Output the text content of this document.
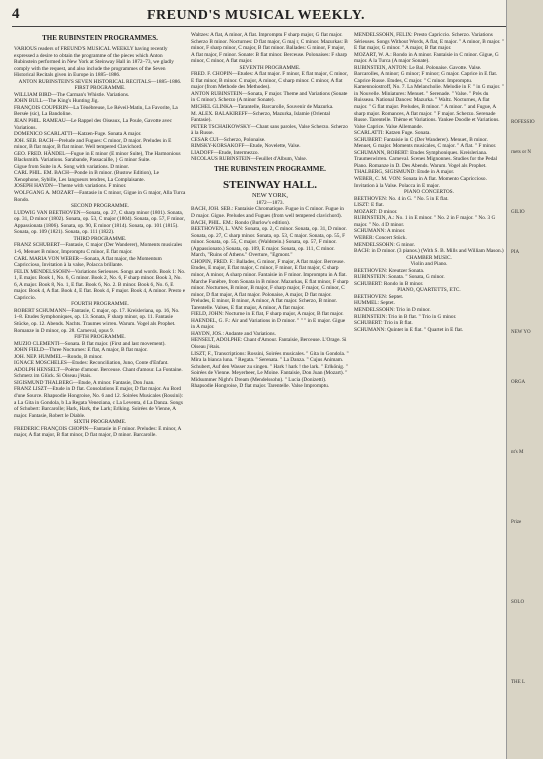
4	FREUND'S MUSICAL WEEKLY.

THE RUBINSTEIN PROGRAMMES.

VARIOUS readers of FREUND'S MUSICAL WEEKLY having recently expressed a desire to obtain the programme of the pieces which Anton Rubinstein performed in New York at Steinway Hall in 1872–73, we gladly comply with the request, and also include the programmes of the Seven Historical Recitals given in Europe in 1885–1886.

ANTON RUBINSTEIN'S SEVEN HISTORICAL RECITALS—1885–1886.

FIRST PROGRAMME.

WILLIAM BIRD—The Carman's Whistle. Variations.

JOHN BULL—The King's Hunting Jig.

FRANÇOIS COUPERIN—La Ténébreuse, Le Réveil-Matin, La Favorite, La Bersée (sic), La Bandoline.

JEAN PHIL. RAMEAU—Le Rappel des Oiseaux, La Poule, Gavotte avec Variations.

DOMENICO SCARLATTI—Katzen-Fuge. Sonata A major.

JOH. SEB. BACH—Prelude and Fugues: C minor, D major. Preludes in E minor, B flat major, B flat minor. Well tempered Clavichord.

GEO. FRED. HÄNDEL—Fugue in E minor (E minor Suite), The Harmonious Blacksmith. Variations. Sarabande, Passacaille, } G minor Suite.

Gigue from Suite in A. Song with variations. D minor.

CARL PHIL. EM. BACH—Ponde in B minor. (Bustow Edition), Le Xenophone, Sybille, Les langueurs tendres, La Complaisante.

JOSEPH HAYDN—Theme with variations. F minor.

WOLFGANG A. MOZART—Fantasie in C minor, Gigue in G major, Alla Turca Rondo.

SECOND PROGRAMME.

LUDWIG VAN BEETHOVEN—Sonata, op. 27, C sharp minor (1801). Sonata, op. 31, D minor (1802). Sonata, op. 53, C major (1804). Sonata, op. 57, F minor, Appassionata (1806). Sonata, op. 90, E minor (1814). Sonata, op. 101 (1815). Sonata, op. 109 (1821). Sonata, op. 111 (1822).

THIRD PROGRAMME.

FRANZ SCHUBERT—Fantasie, C major (Der Wanderer), Moments musicales 1-6, Menuet B minor, Impromptu C minor, E flat major.

CARL MARIA VON WEBER—Sonata, A flat major, the Momentum Capriccioso, Invitation à la valse, Polacca brillante.

FELIX MENDELSSOHN—Variations Serieuses. Songs and words. Book 1: No. 1, E major. Book 1, No. 6, G minor. Book 2, No. 6, F sharp minor. Book 3, No. 6, A major. Book 8, No. 1, E flat. Book 6, No. 2. B minor. Book 6, No. 6, E major. Book 4, A flat. Book 4, E flat. Book 4, F major. Book 4, A minor. Presto e Capriccio.

FOURTH PROGRAMME.

ROBERT SCHUMANN—Fantasie, C major, op. 17. Kreisleriana, op. 16, No. 1–8. Etudes Symphoniques, op. 13. Sonata, F sharp minor, op. 11. Fantasie Stücke, op. 12. Abends. Nachts. Traumes wirren. Warum. Vogel als Prophet. Romanze in D minor, op. 28. Carneval, opus 9.

FIFTH PROGRAMME.

MUZIO CLEMENTI—Sonata. B flat major. (First and last movement).

JOHN FIELD—Three Nocturnes: E flat, A major, B flat major.

JOH. NEP. HUMMEL—Rondo, B minor.

IGNACE MOSCHELES—Etudes: Reconciliation, Juno, Conte d'Enfant.

ADOLPH HENSELT—Poème d'amour. Berceuse. Chant d'amour. La Fontaine. Schmerz im Glück. Si Oiseau j'étais.

SIGISMUND THALBERG—Etude, A minor. Fantasie, Don Juan.

FRANZ LISZT—Etude in D flat. Consolations E major, D flat major. Au Bord d'une Source. Rhapsodie Hongroise, No. 6 and 12. Soirées Musicales (Rossini): a La Gita in Gondola, b La Regata Veneziana, c La Leventa, d La Danza. Songs of Schubert: Barcarolle; Hark, Hark, the Lark; Erlking. Soirées de Vienne, A major. Fantasie, Robert le Diable.

SIXTH PROGRAMME.

FREDERIC FRANÇOIS CHOPIN—Fantasie in F minor. Preludes: E minor, A major, A flat major, B flat minor, D flat major, D minor. Barcarolle.

Waltzes: A flat, A minor, A flat. Impromptu F sharp major, G flat major. Scherzo B minor. Nocturnes: D flat major, G maj r, C minor. Mazurkas: B minor, F sharp minor, C major, B flat minor. Ballades: G minor, F major, A flat major, F minor. Sonate: B flat minor. Berceuse. Polonaises: F sharp minor, C minor, A flat major.

SEVENTH PROGRAMME.

FRED. F. CHOPIN—Etudes: A flat major. F minor, E flat major, C minor, E flat minor, B minor. C major, A minor, C sharp minor. C minor, A flat major (from Methode des Methodes).

ANTON RUBINSTEIN—Sonata, F major. Theme and Variations (Sonate in C minor). Scherzo (A minor Sonate).

MICHEL GLINKA—Tarantelle, Barcarolle, Souvenir de Mazurka.

M. ALEX. BALAKIREFF—Scherzo, Mazurka, Islamie (Oriental Fantasie).

PETER TSCHAIKOWSKY—Chant sans paroles, Valse Scherzo. Scherzo à la Russe.

CESAR CUI—Scherzo, Polonaise.

RIMSKY-KORSAKOFF—Etude, Novelette, Valse.

LIADOFF—Etude, Intermezzo.

NICOLAUS RUBINSTEIN—Feuillet d'Album, Valse.

THE RUBINSTEIN PROGRAMME.

STEINWAY HALL.

NEW YORK,

1872—1873.

BACH, JOH. SEB.: Fantaisie Chromatique. Fugue in C minor. Fugue in D major. Gigue. Preludes and Fugues (from well tempered clavichord).

BACH, PHIL. EM.: Rondo (Burlow's edition).

BEETHOVEN, L. VAN: Sonata, op. 2, C minor. Sonata, op. 31, D minor. Sonata, op. 27, C sharp minor. Sonata, op. 53, C major. Sonata, op. 55, F minor. Sonata, op. 55, C major. (Waldstein.) Sonata, op. 57, F minor. (Appassionato.) Sonata, op. 109, E major. Sonata, op. 111, C minor. March, "Ruins of Athens." Overture, "Egmont."

CHOPIN, FRED. F.: Ballades, G minor, F major, A flat major. Berceuse. Etudes, E major, E flat major, C minor, F minor, E flat major, C sharp minor, A minor, A sharp minor. Fantaisie in F minor. Impromptu in A flat. Marche Funèbre, from Sonata in B minor. Mazurkas, E flat minor, F sharp minor. Nocturnes, B minor, B major, F sharp major, F major, G minor, C minor, D flat major, A flat major. Polonaise, A major, D flat major. Preludes, E minor, B minor, A minor, A flat major. Scherzo, B minor. Tarentelle. Valses, E flat major, A minor, A flat major.

FIELD, JOHN: Nocturne in E flat, F sharp major, A major, B flat major.

HAENDEL, G. F.: Air and Variations in D minor. " " " in E major. Gigue in A major.

HAYDN, JOS.: Andante and Variations.

HENSELT, ADOLPHE: Chant d'Amour. Fantaisie, Berceuse. L'Orage. Si Oiseau j'étais.

LISZT, F., Transcriptions: Rossini, Soirées musicales. " Gita in Gondola. " Mira la bianca luna. " Regata. " Serenata. " La Danza. " Cujus Animam. Schubert, Auf den Wasser zu singen. " Hark ! hark ! the lark. " Erlkönig. " Soirées de Vienne. Meyerbeer, Le Moine. Fantaisie, Don Juan (Mozart). " Midsummer Night's Dream (Mendelssohn). " Lucia (Donizetti). Rhapsodie Hongroise, D flat major. Tarentelle. Valse Impromptu.

MENDELSSOHN, FELIX: Presto Capriccio. Scherzo. Variations Sérieuses. Songs Without Words, A flat, E major. " A minor, B major. " E flat major, G minor. " A major, B flat major.

MOZART, W. A.: Rondo in A minor. Fantaisie in C minor. Gigue, G major. A la Turca (A major Sonate).

RUBINSTEIN, ANTON: Le Bal. Polonaise. Gavotte. Valse. Barcarolles, A minor; G minor; F minor; G major. Caprice in E flat. Caprice Russe. Etudes, C major. " C minor. Impromptu. Kamennoiostroff, No. 7. La Melancholie. Melodie in F. " in G major. " in Nouvelle. Miniatures: Menuet. " Serenade. " Valse. " Près du Ruisseau. National Dances: Mazurka. " Waltz. Nocturnes, A flat major. " G flat major. Preludes, B minor. " A minor. " and Fugue, A sharp major. Romances, A flat major. " F major. Scherzo. Serenade Russe. Tarentelle. Thème et Variations. Yankee Doodle et Variations. Valse Caprice. Valse Allemande.

SCARLATTI: Katzen Fuge. Sonata.

SCHUBERT: Fantaisie in C (Der Wanderer). Menuet, B minor. Menuet, G major. Moments musicales, C major. " A flat. " F minor.

SCHUMANN, ROBERT: Etudes Symphoniques. Kreisleriana. Traumeswirren. Carneval. Scenes Mignonnes. Studies for the Pedal Piano. Romanze in D. Des Abends. Warum. Vogel als Prophet.

THALBERG, SIGISMUND: Etude in A major.

WEBER, C. M. VON: Sonata in A flat. Momento Capriccioso. Invitation à la Valse. Polacca in E major.

PIANO CONCERTOS.

BEETHOVEN: No. 4 in G. " No. 5 in E flat.

LISZT: E flat.

MOZART: D minor.

RUBINSTEIN, A.: No. 1 in E minor. " No. 2 in F major. " No. 3 G major. " No. 4 D minor.

SCHUMANN: A minor.

WEBER: Concert Stück.

MENDELSSOHN: G minor.

BACH: in D minor. (3 pianos.) (With S. B. Mills and William Mason.)

CHAMBER MUSIC.

Violin and Piano.

BEETHOVEN: Kreutzer Sonata.

RUBINSTEIN: Sonata. " Sonata, G minor.

SCHUBERT: Rondo in B minor.

PIANO, QUARTETTS, ETC.

BEETHOVEN: Septet.

HUMMEL: Septet.

MENDELSSOHN: Trio in D minor.

RUBINSTEIN: Trio in B flat. " Trio in G minor.

SCHUBERT: Trio in B flat.

SCHUMANN: Quintet in E flat. " Quartet in E flat.

ROFESSIO
rnets or N
GILIO
PIA
NEW YO
ORGA
nt's M
Prize
SOLO
THE L
